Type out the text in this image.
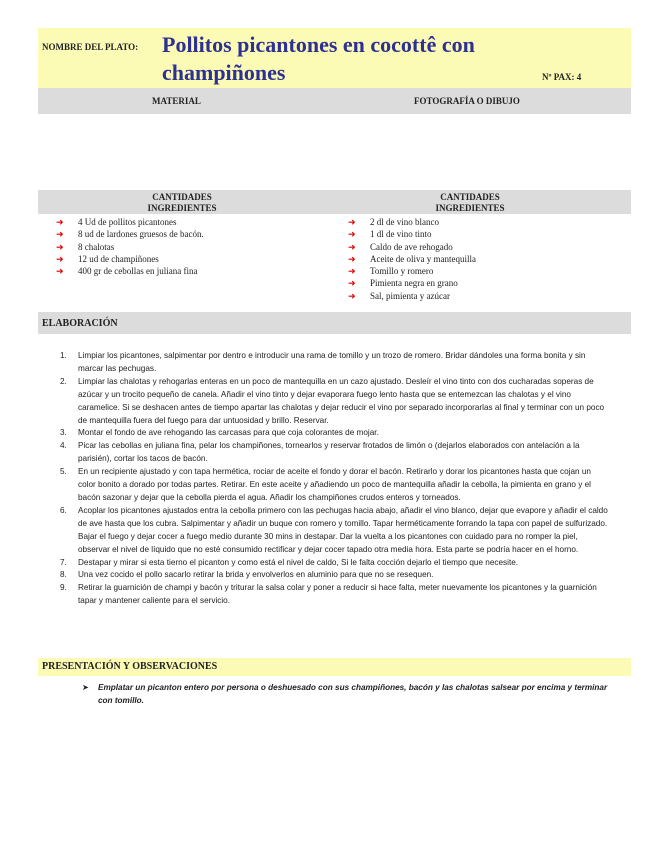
NOMBRE DEL PLATO: Pollitos picantones en cocottê con champiñones	Nº PAX: 4
MATERIAL	FOTOGRAFÍA O DIBUJO
CANTIDADES
INGREDIENTES
CANTIDADES
INGREDIENTES
➜ 4 Ud de pollitos picantones
➜ 8 ud de lardones gruesos de bacón.
➜ 8 chalotas
➜ 12 ud de champiñones
➜ 400 gr de cebollas en juliana fina
➜ 2 dl de vino blanco
➜ 1 dl de vino tinto
➜ Caldo de ave rehogado
➜ Aceite de oliva y mantequilla
➜ Tomillo y romero
➜ Pimienta negra en grano
➜ Sal, pimienta y azúcar
ELABORACIÓN
1. Limpiar los picantones, salpimentar por dentro e introducir una rama de tomillo y un trozo de romero. Bridar dándoles una forma bonita y sin marcar las pechugas.
2. Limpiar las chalotas y rehogarlas enteras en un poco de mantequilla en un cazo ajustado. Desleír el vino tinto con dos cucharadas soperas de azúcar y un trocito pequeño de canela. Añadir el vino tinto y dejar evaporara fuego lento hasta que se entemezcan las chalotas y el vino caramelice. Si se deshacen antes de tiempo apartar las chalotas y dejar reducir el vino por separado incorporarlas al final y terminar con un poco de mantequilla fuera del fuego para dar untuosidad y brillo. Reservar.
3. Montar el fondo de ave rehogando las carcasas para que coja colorantes de mojar.
4. Picar las cebollas en juliana fina, pelar los champiñones, tornearlos y reservar frotados de limón o (dejarlos elaborados con antelación a la parisién), cortar los tacos de bacón.
5. En un recipiente ajustado y con tapa hermética, rociar de aceite el fondo y dorar el bacón. Retirarlo y dorar los picantones hasta que cojan un color bonito a dorado por todas partes. Retirar. En este aceite y añadiendo un poco de mantequilla añadir la cebolla, la pimienta en grano y el bacón sazonar y dejar que la cebolla pierda el agua. Añadir los champiñones crudos enteros y torneados.
6. Acoplar los picantones ajustados entra la cebolla primero con las pechugas hacia abajo, añadir el vino blanco, dejar que evapore y añadir el caldo de ave hasta que los cubra. Salpimentar y añadir un buque con romero y tomillo. Tapar herméticamente forrando la tapa con papel de sulfurizado. Bajar el fuego y dejar cocer a fuego medio durante 30 mins in destapar. Dar la vuelta a los picantones con cuidado para no romper la piel, observar el nivel de líquido que no esté consumido rectificar y dejar cocer tapado otra media hora. Esta parte se podría hacer en el horno.
7. Destapar y mirar si esta tierno el picanton y como está el nivel de caldo, Si le falta cocción dejarlo el tiempo que necesite.
8. Una vez cocido el pollo sacarlo retirar la brida y envolverlos en aluminio para que no se resequen.
9. Retirar la guarnición de champi y bacón y triturar la salsa colar y poner a reducir si hace falta, meter nuevamente los picantones y la guarnición tapar y mantener caliente para el servicio.
PRESENTACIÓN Y OBSERVACIONES
➤ Emplatar un picanton entero por persona o deshuesado con sus champiñones, bacón y las chalotas salsear por encima y terminar con tomillo.
